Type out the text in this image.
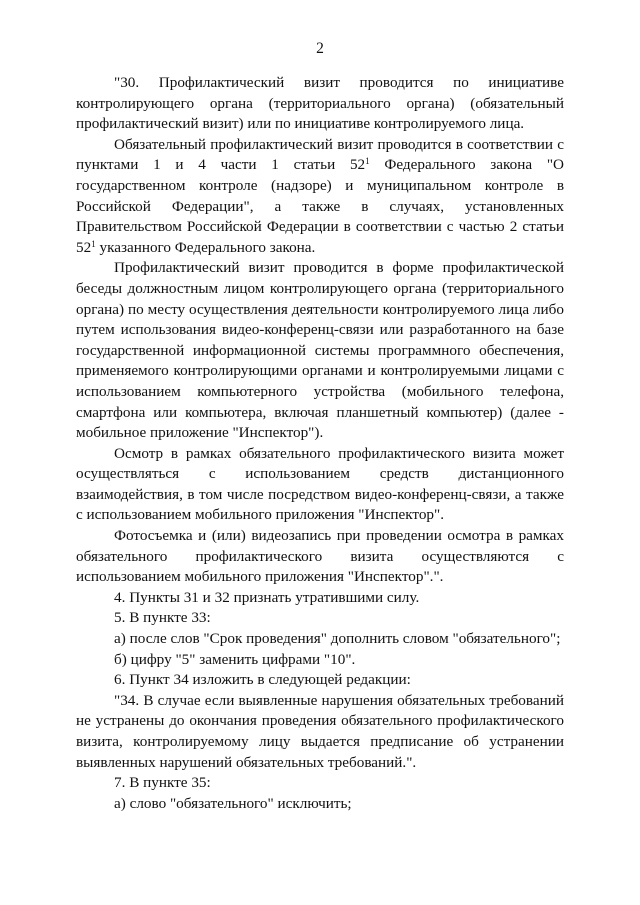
2

"30. Профилактический визит проводится по инициативе контролирующего органа (территориального органа) (обязательный профилактический визит) или по инициативе контролируемого лица.

Обязательный профилактический визит проводится в соответствии с пунктами 1 и 4 части 1 статьи $52^1$ Федерального закона "О государственном контроле (надзоре) и муниципальном контроле в Российской Федерации", а также в случаях, установленных Правительством Российской Федерации в соответствии с частью 2 статьи $52^1$ указанного Федерального закона.

Профилактический визит проводится в форме профилактической беседы должностным лицом контролирующего органа (территориального органа) по месту осуществления деятельности контролируемого лица либо путем использования видео-конференц-связи или разработанного на базе государственной информационной системы программного обеспечения, применяемого контролирующими органами и контролируемыми лицами с использованием компьютерного устройства (мобильного телефона, смартфона или компьютера, включая планшетный компьютер) (далее - мобильное приложение "Инспектор").

Осмотр в рамках обязательного профилактического визита может осуществляться с использованием средств дистанционного взаимодействия, в том числе посредством видео-конференц-связи, а также с использованием мобильного приложения "Инспектор".

Фотосъемка и (или) видеозапись при проведении осмотра в рамках обязательного профилактического визита осуществляются с использованием мобильного приложения "Инспектор".".

4. Пункты 31 и 32 признать утратившими силу.

5. В пункте 33:

а) после слов "Срок проведения" дополнить словом "обязательного";

б) цифру "5" заменить цифрами "10".

6. Пункт 34 изложить в следующей редакции:

"34. В случае если выявленные нарушения обязательных требований не устранены до окончания проведения обязательного профилактического визита, контролируемому лицу выдается предписание об устранении выявленных нарушений обязательных требований.".

7. В пункте 35:

а) слово "обязательного" исключить;
